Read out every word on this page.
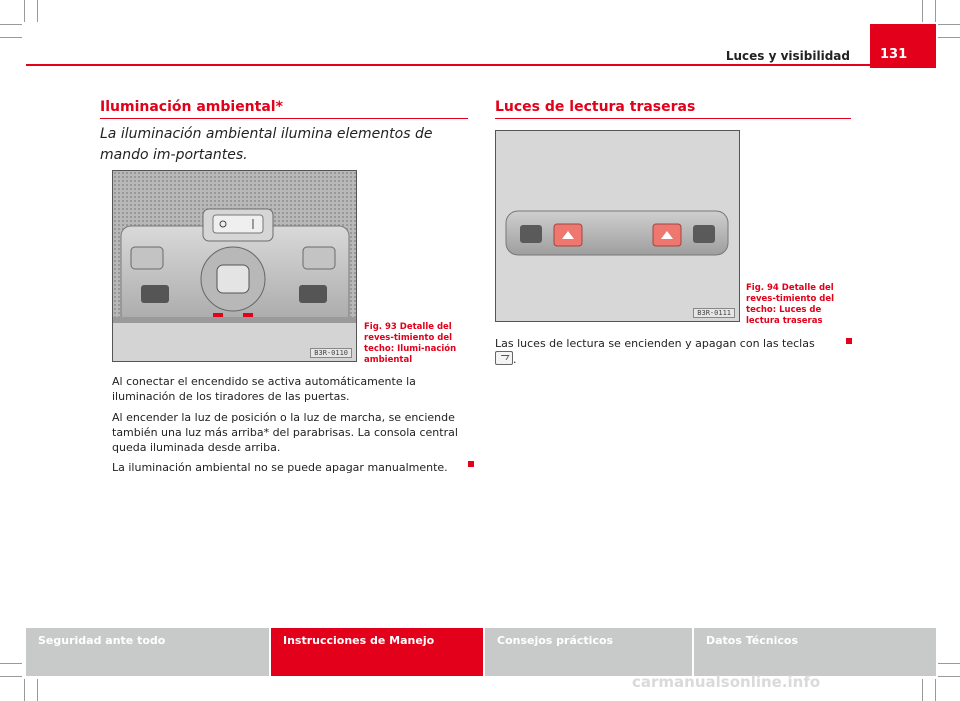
Luces y visibilidad 131
Iluminación ambiental*
La iluminación ambiental ilumina elementos de mando im-portantes.
B3R-0110
Fig. 93 Detalle del reves-timiento del techo: Ilumi-nación ambiental
Al conectar el encendido se activa automáticamente la iluminación de los tiradores de las puertas.
Al encender la luz de posición o la luz de marcha, se enciende también una luz más arriba* del parabrisas. La consola central queda iluminada desde arriba.
La iluminación ambiental no se puede apagar manualmente.
Luces de lectura traseras
B3R-0111
Fig. 94 Detalle del reves-timiento del techo: Luces de lectura traseras
Las luces de lectura se encienden y apagan con las teclas .
Seguridad ante todo	Instrucciones de Manejo	Consejos prácticos	Datos Técnicos
carmanualsonline.info
